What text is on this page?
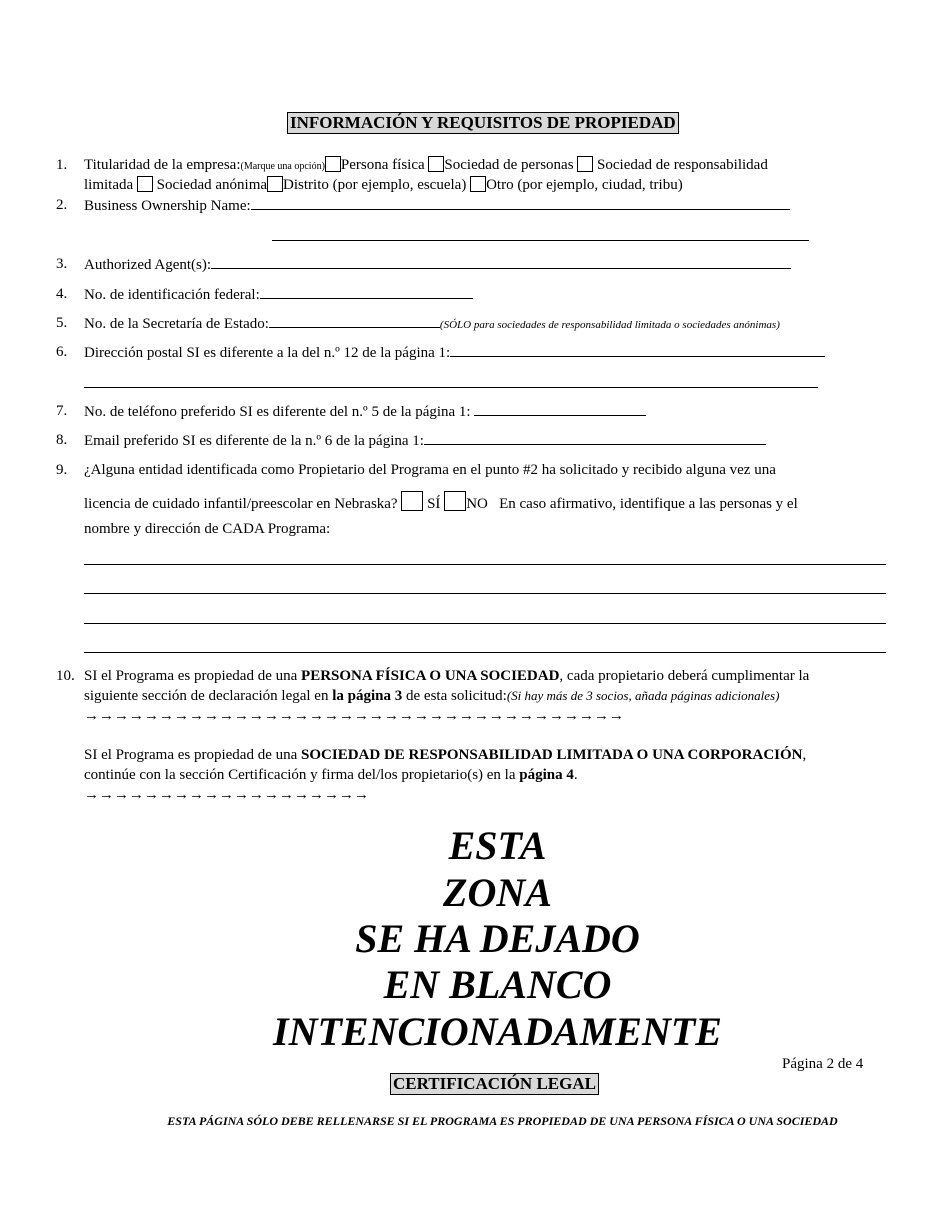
INFORMACIÓN Y REQUISITOS DE PROPIEDAD
1. Titularidad de la empresa:(Marque una opción) Persona física Sociedad de personas Sociedad de responsabilidad
limitada Sociedad anónima Distrito (por ejemplo, escuela) Otro (por ejemplo, ciudad, tribu)
2. Business Ownership Name:
3. Authorized Agent(s):
4. No. de identificación federal:
5. No. de la Secretaría de Estado:	(SÓLO para sociedades de responsabilidad limitada o sociedades anónimas)
6. Dirección postal SI es diferente a la del n.º 12 de la página 1:
7. No. de teléfono preferido SI es diferente del n.º 5 de la página 1:
8. Email preferido SI es diferente de la n.º 6 de la página 1:
9. ¿Alguna entidad identificada como Propietario del Programa en el punto #2 ha solicitado y recibido alguna vez una
licencia de cuidado infantil/preescolar en Nebraska? SÍ NO En caso afirmativo, identifique a las personas y el
nombre y dirección de CADA Programa:
10. SI el Programa es propiedad de una PERSONA FÍSICA O UNA SOCIEDAD, cada propietario deberá cumplimentar la
siguiente sección de declaración legal en la página 3 de esta solicitud:(Si hay más de 3 socios, añada páginas adicionales)
→→→→→→→→→→→→→→→→→→→→→→→→→→→→→→→→→→→→
SI el Programa es propiedad de una SOCIEDAD DE RESPONSABILIDAD LIMITADA O UNA CORPORACIÓN,
continúe con la sección Certificación y firma del/los propietario(s) en la página 4.
→→→→→→→→→→→→→→→→→→→
ESTA
ZONA
SE HA DEJADO
EN BLANCO
INTENCIONADAMENTE
Página 2 de 4
CERTIFICACIÓN LEGAL
ESTA PÁGINA SÓLO DEBE RELLENARSE SI EL PROGRAMA ES PROPIEDAD DE UNA PERSONA FÍSICA O UNA SOCIEDAD
